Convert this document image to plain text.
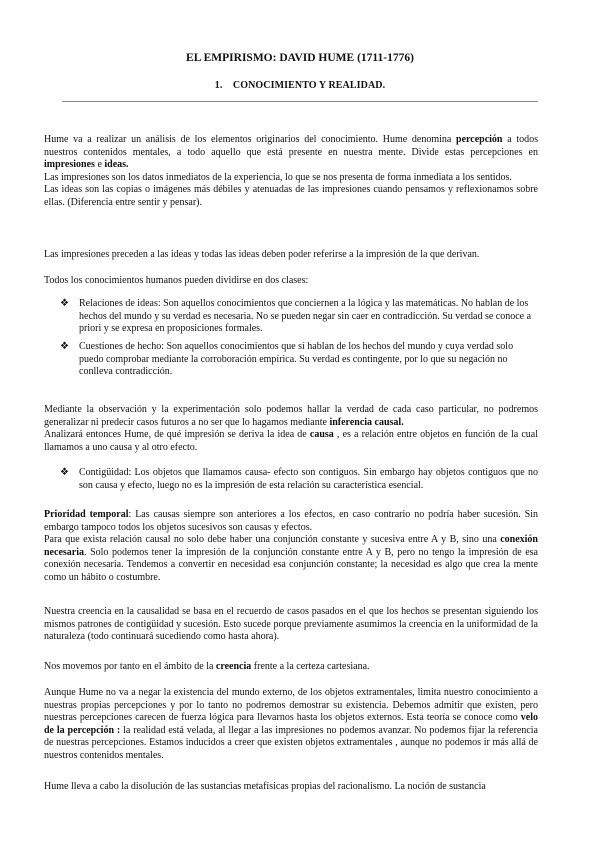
EL EMPIRISMO: DAVID HUME (1711-1776)
1.    CONOCIMIENTO Y REALIDAD.
Hume va a realizar un análisis de los elementos originarios del conocimiento. Hume denomina percepción a todos nuestros contenidos mentales, a todo aquello que está presente en nuestra mente. Divide estas percepciones en impresiones e ideas.
Las impresiones son los datos inmediatos de la experiencia, lo que se nos presenta de forma inmediata a los sentidos.
Las ideas son las copias o imágenes más débiles y atenuadas de las impresiones cuando pensamos y reflexionamos sobre ellas. (Diferencia entre sentir y pensar).
Las impresiones preceden a las ideas y todas las ideas deben poder referirse a la impresión de la que derivan.
Todos los conocimientos humanos pueden dividirse en dos clases:
❖ Relaciones de ideas: Son aquellos conocimientos que conciernen a la lógica y las matemáticas. No hablan de los hechos del mundo y su verdad es necesaria. No se pueden negar sin caer en contradicción. Su verdad se conoce a priori y se expresa en proposiciones formales.
❖ Cuestiones de hecho: Son aquellos conocimientos que sí hablan de los hechos del mundo y cuya verdad solo puedo comprobar mediante la corroboración empírica. Su verdad es contingente, por lo que su negación no conlleva contradicción.
Mediante la observación y la experimentación solo podemos hallar la verdad de cada caso particular, no podremos generalizar ni predecir casos futuros a no ser que lo hagamos mediante inferencia causal.
Analizará entonces Hume, de qué impresión se deriva la idea de causa , es a relación entre objetos en función de la cual llamamos a uno causa y al otro efecto.
❖ Contigüidad: Los objetos que llamamos causa- efecto son contiguos. Sin embargo hay objetos contiguos que no son causa y efecto, luego no es la impresión de esta relación su característica esencial.
Prioridad temporal: Las causas siempre son anteriores a los efectos, en caso contrario no podría haber sucesión. Sin embargo tampoco todos los objetos sucesivos son causas y efectos.
Para que exista relación causal no solo debe haber una conjunción constante y sucesiva entre A y B, sino una conexión necesaria. Solo podemos tener la impresión de la conjunción constante entre A y B, pero no tengo la impresión de esa conexión necesaria. Tendemos a convertir en necesidad esa conjunción constante; la necesidad es algo que crea la mente como un hábito o costumbre.
Nuestra creencia en la causalidad se basa en el recuerdo de casos pasados en el que los hechos se presentan siguiendo los mismos patrones de contigüidad y sucesión. Esto sucede porque previamente asumimos la creencia en la uniformidad de la naturaleza (todo continuará sucediendo como hasta ahora).
Nos movemos por tanto en el ámbito de la creencia frente a la certeza cartesiana.
Aunque Hume no va a negar la existencia del mundo externo, de los objetos extramentales, limita nuestro conocimiento a nuestras propias percepciones y por lo tanto no podremos demostrar su existencia. Debemos admitir que existen, pero nuestras percepciones carecen de fuerza lógica para llevarnos hasta los objetos externos. Esta teoría se conoce como velo de la percepción : la realidad está velada, al llegar a las impresiones no podemos avanzar. No podemos fijar la referencia de nuestras percepciones. Estamos inducidos a creer que existen objetos extramentales , aunque no podemos ir más allá de nuestros contenidos mentales.
Hume lleva a cabo la disolución de las sustancias metafísicas propias del racionalismo. La noción de sustancia
